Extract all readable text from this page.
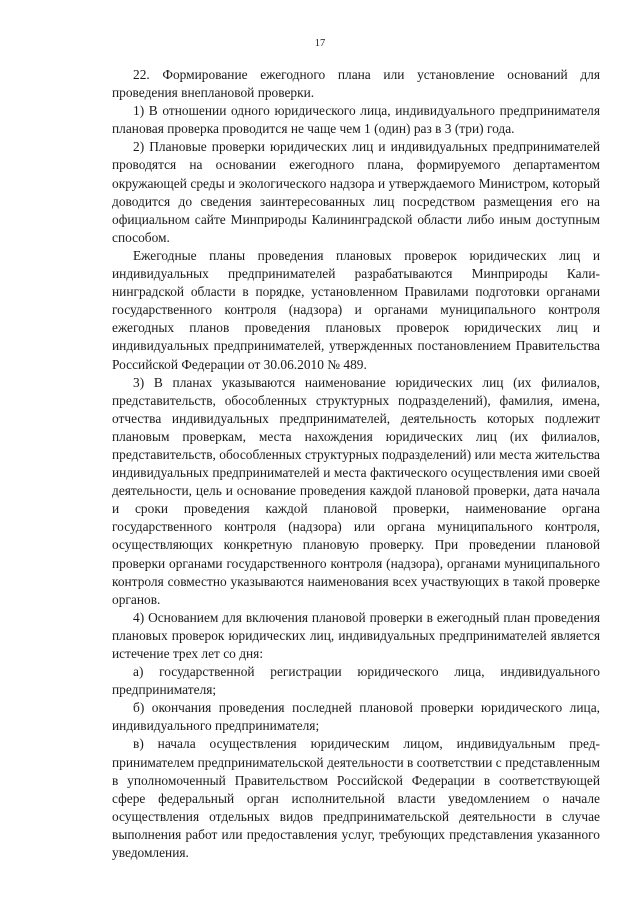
17

22. Формирование ежегодного плана или установление оснований для проведения внеплановой проверки.

1) В отношении одного юридического лица, индивидуального предпринимателя плановая проверка проводится не чаще чем 1 (один) раз в 3 (три) года.

2) Плановые проверки юридических лиц и индивидуальных предпринимателей проводятся на основании ежегодного плана, формируемого департаментом окружающей среды и экологического надзора и утверждаемого Министром, который доводится до сведения заинтересованных лиц посредством размещения его на официальном сайте Минприроды Калининградской области либо иным доступным способом.

Ежегодные планы проведения плановых проверок юридических лиц и индивидуальных предпринимателей разрабатываются Минприроды Калининградской области в порядке, установленном Правилами подготовки органами государственного контроля (надзора) и органами муниципального контроля ежегодных планов проведения плановых проверок юридических лиц и индивидуальных предпринимателей, утвержденных постановлением Правительства Российской Федерации от 30.06.2010 № 489.

3) В планах указываются наименование юридических лиц (их филиалов, представительств, обособленных структурных подразделений), фамилия, имена, отчества индивидуальных предпринимателей, деятельность которых подлежит плановым проверкам, места нахождения юридических лиц (их филиалов, представительств, обособленных структурных подразделений) или места жительства индивидуальных предпринимателей и места фактического осуществления ими своей деятельности, цель и основание проведения каждой плановой проверки, дата начала и сроки проведения каждой плановой проверки, наименование органа государственного контроля (надзора) или органа муниципального контроля, осуществляющих конкретную плановую проверку. При проведении плановой проверки органами государственного контроля (надзора), органами муниципального контроля совместно указываются наименования всех участвующих в такой проверке органов.

4) Основанием для включения плановой проверки в ежегодный план проведения плановых проверок юридических лиц, индивидуальных предпринимателей является истечение трех лет со дня:

а) государственной регистрации юридического лица, индивидуального предпринимателя;

б) окончания проведения последней плановой проверки юридического лица, индивидуального предпринимателя;

в) начала осуществления юридическим лицом, индивидуальным предпринимателем предпринимательской деятельности в соответствии с представленным в уполномоченный Правительством Российской Федерации в соответствующей сфере федеральный орган исполнительной власти уведомлением о начале осуществления отдельных видов предпринимательской деятельности в случае выполнения работ или предоставления услуг, требующих представления указанного уведомления.
